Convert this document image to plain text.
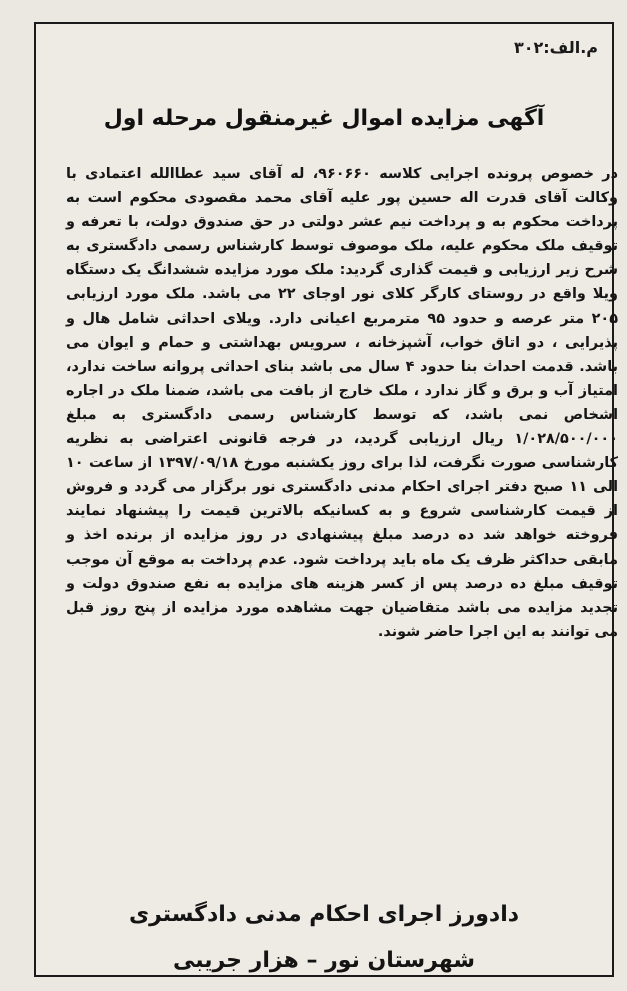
م.الف:۳۰۲
آگهی مزایده اموال غیرمنقول مرحله اول

در خصوص پرونده اجرایی کلاسه ۹۶۰۶۶۰، له آقای سید عطاالله اعتمادی با وکالت آقای قدرت اله حسین پور علیه آقای محمد مقصودی محکوم است به پرداخت محکوم به و پرداخت نیم عشر دولتی در حق صندوق دولت، با تعرفه و توقیف ملک محکوم علیه، ملک موصوف توسط کارشناس رسمی دادگستری به شرح زیر ارزیابی و قیمت گذاری گردید: ملک مورد مزایده ششدانگ یک دستگاه ویلا واقع در روستای کارگر کلای نور اوجای ۲۲ می باشد. ملک مورد ارزیابی ۲۰۵ متر عرصه و حدود ۹۵ مترمربع اعیانی دارد. ویلای احداثی شامل هال و پذیرایی ، دو اتاق خواب، آشپزخانه ، سرویس بهداشتی و حمام و ایوان می باشد. قدمت احداث بنا حدود ۴ سال می باشد بنای احداثی پروانه ساخت ندارد، امتیاز آب و برق و گاز ندارد ، ملک خارج از بافت می باشد، ضمنا ملک در اجاره اشخاص نمی باشد، که توسط کارشناس رسمی دادگستری به مبلغ ۱/۰۲۸/۵۰۰/۰۰۰ ریال ارزیابی گردید، در فرجه قانونی اعتراضی به نظریه کارشناسی صورت نگرفت، لذا برای روز یکشنبه مورخ ۱۳۹۷/۰۹/۱۸ از ساعت ۱۰ الی ۱۱ صبح دفتر اجرای احکام مدنی دادگستری نور برگزار می گردد و فروش از قیمت کارشناسی شروع و به کسانیکه بالاترین قیمت را پیشنهاد نمایند فروخته خواهد شد ده درصد مبلغ پیشنهادی در روز مزایده از برنده اخذ و مابقی حداکثر ظرف یک ماه باید پرداخت شود. عدم پرداخت به موقع آن موجب توقیف مبلغ ده درصد پس از کسر هزینه های مزایده به نفع صندوق دولت و تجدید مزایده می باشد متقاضیان جهت مشاهده مورد مزایده از پنج روز قبل می توانند به این اجرا حاضر شوند.

دادورز اجرای احکام مدنی دادگستری
شهرستان نور – هزار جریبی
